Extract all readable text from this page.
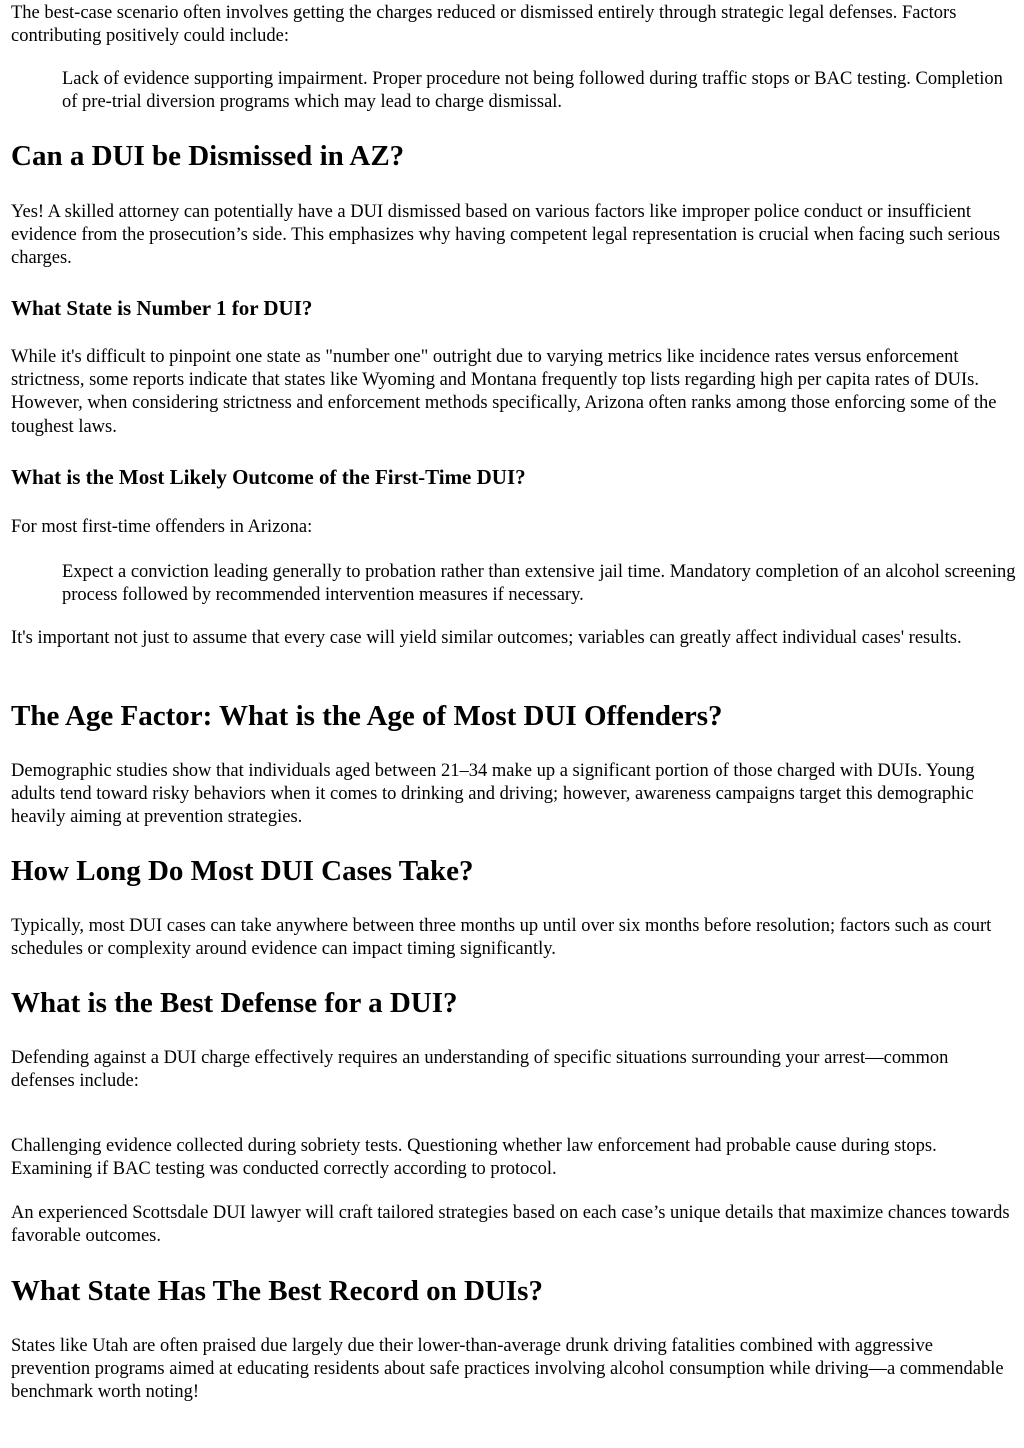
The best-case scenario often involves getting the charges reduced or dismissed entirely through strategic legal defenses. Factors contributing positively could include:

Lack of evidence supporting impairment. Proper procedure not being followed during traffic stops or BAC testing. Completion of pre-trial diversion programs which may lead to charge dismissal.
Can a DUI be Dismissed in AZ?

Yes! A skilled attorney can potentially have a DUI dismissed based on various factors like improper police conduct or insufficient evidence from the prosecution’s side. This emphasizes why having competent legal representation is crucial when facing such serious charges.

What State is Number 1 for DUI?

While it's difficult to pinpoint one state as "number one" outright due to varying metrics like incidence rates versus enforcement strictness, some reports indicate that states like Wyoming and Montana frequently top lists regarding high per capita rates of DUIs. However, when considering strictness and enforcement methods specifically, Arizona often ranks among those enforcing some of the toughest laws.

What is the Most Likely Outcome of the First-Time DUI?

For most first-time offenders in Arizona:

Expect a conviction leading generally to probation rather than extensive jail time. Mandatory completion of an alcohol screening process followed by recommended intervention measures if necessary.

It's important not just to assume that every case will yield similar outcomes; variables can greatly affect individual cases' results.

The Age Factor: What is the Age of Most DUI Offenders?

Demographic studies show that individuals aged between 21–34 make up a significant portion of those charged with DUIs. Young adults tend toward risky behaviors when it comes to drinking and driving; however, awareness campaigns target this demographic heavily aiming at prevention strategies.

How Long Do Most DUI Cases Take?

Typically, most DUI cases can take anywhere between three months up until over six months before resolution; factors such as court schedules or complexity around evidence can impact timing significantly.

What is the Best Defense for a DUI?

Defending against a DUI charge effectively requires an understanding of specific situations surrounding your arrest—common defenses include:

Challenging evidence collected during sobriety tests. Questioning whether law enforcement had probable cause during stops. Examining if BAC testing was conducted correctly according to protocol.

An experienced Scottsdale DUI lawyer will craft tailored strategies based on each case’s unique details that maximize chances towards favorable outcomes.

What State Has The Best Record on DUIs?

States like Utah are often praised due largely due their lower-than-average drunk driving fatalities combined with aggressive prevention programs aimed at educating residents about safe practices involving alcohol consumption while driving—a commendable benchmark worth noting!
